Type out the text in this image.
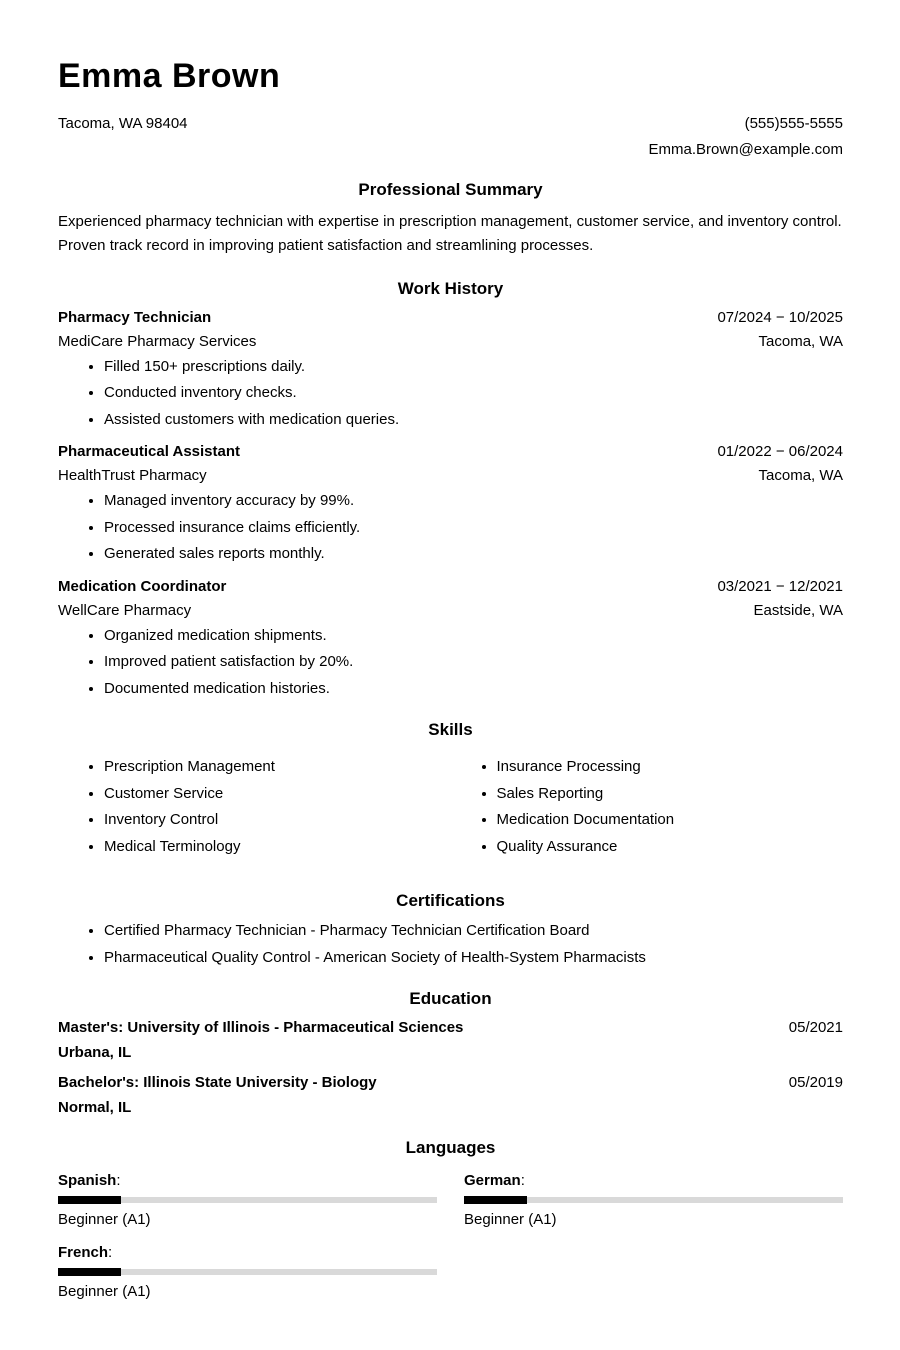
Emma Brown
Tacoma, WA 98404	(555)555-5555
Emma.Brown@example.com
Professional Summary

Experienced pharmacy technician with expertise in prescription management, customer service, and inventory control. Proven track record in improving patient satisfaction and streamlining processes.

Work History
Pharmacy Technician	07/2024 − 10/2025
MediCare Pharmacy Services	Tacoma, WA
• Filled 150+ prescriptions daily.
• Conducted inventory checks.
• Assisted customers with medication queries.
Pharmaceutical Assistant	01/2022 − 06/2024
HealthTrust Pharmacy	Tacoma, WA
• Managed inventory accuracy by 99%.
• Processed insurance claims efficiently.
• Generated sales reports monthly.
Medication Coordinator	03/2021 − 12/2021
WellCare Pharmacy	Eastside, WA
• Organized medication shipments.
• Improved patient satisfaction by 20%.
• Documented medication histories.
Skills
• Prescription Management
• Customer Service
• Inventory Control
• Medical Terminology
• Insurance Processing
• Sales Reporting
• Medication Documentation
• Quality Assurance
Certifications
• Certified Pharmacy Technician - Pharmacy Technician Certification Board
• Pharmaceutical Quality Control - American Society of Health-System Pharmacists
Education
Master's: University of Illinois - Pharmaceutical Sciences	05/2021
Urbana, IL
Bachelor's: Illinois State University - Biology	05/2019
Normal, IL
Languages
Spanish:
Beginner (A1)
German:
Beginner (A1)
French:
Beginner (A1)
